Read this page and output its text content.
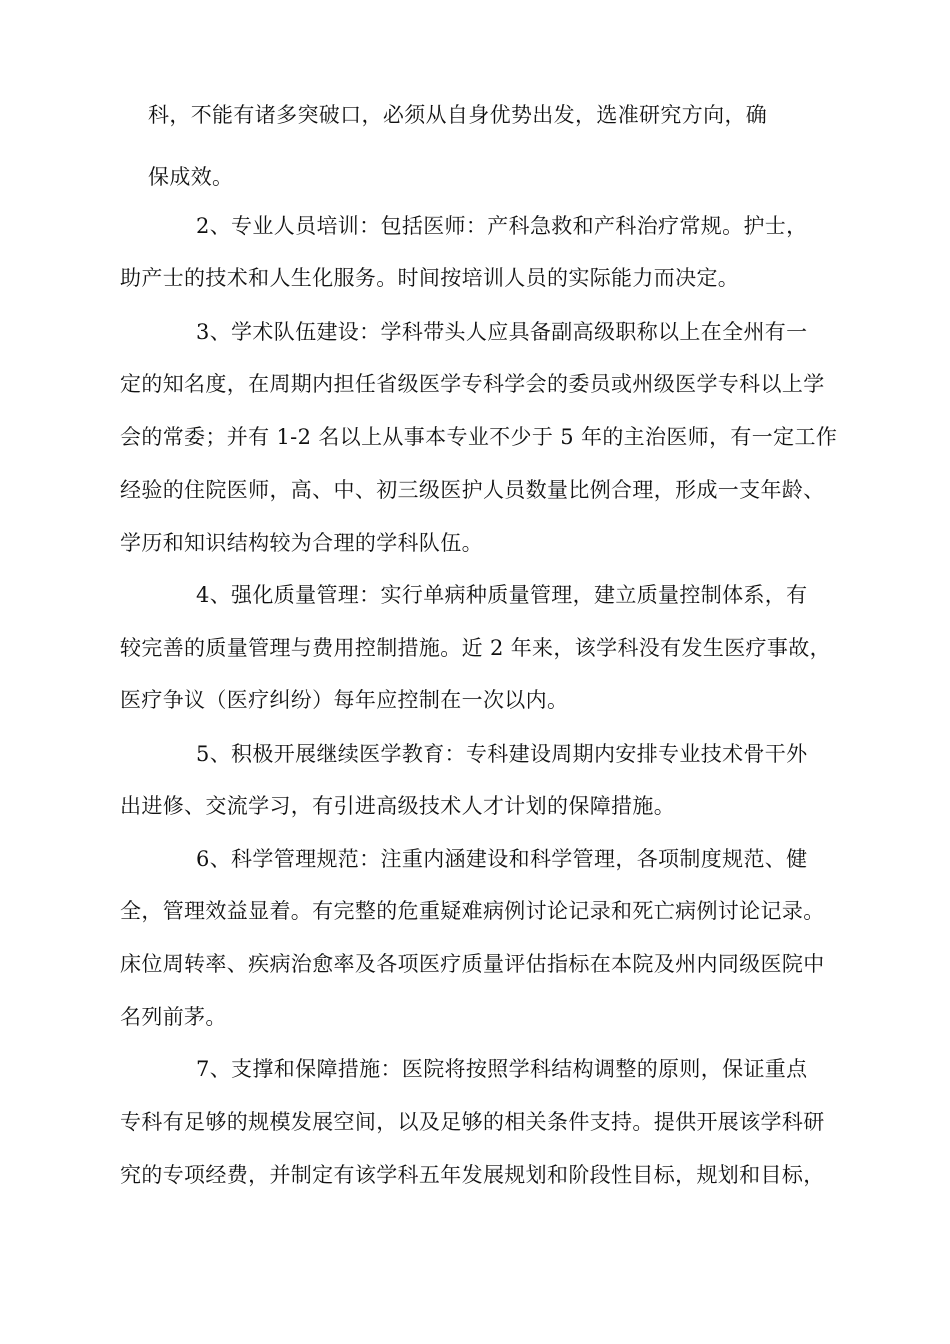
科，不能有诸多突破口，必须从自身优势出发，选准研究方向，确
保成效。
2、专业人员培训：包括医师：产科急救和产科治疗常规。护士，
助产士的技术和人生化服务。时间按培训人员的实际能力而决定。
3、学术队伍建设：学科带头人应具备副高级职称以上在全州有一
定的知名度，在周期内担任省级医学专科学会的委员或州级医学专科以上学
会的常委；并有 1-2 名以上从事本专业不少于 5 年的主治医师，有一定工作
经验的住院医师，高、中、初三级医护人员数量比例合理，形成一支年龄、
学历和知识结构较为合理的学科队伍。
4、强化质量管理：实行单病种质量管理，建立质量控制体系，有
较完善的质量管理与费用控制措施。近 2 年来，该学科没有发生医疗事故，
医疗争议（医疗纠纷）每年应控制在一次以内。
5、积极开展继续医学教育：专科建设周期内安排专业技术骨干外
出进修、交流学习，有引进高级技术人才计划的保障措施。
6、科学管理规范：注重内涵建设和科学管理，各项制度规范、健
全，管理效益显着。有完整的危重疑难病例讨论记录和死亡病例讨论记录。
床位周转率、疾病治愈率及各项医疗质量评估指标在本院及州内同级医院中
名列前茅。
7、支撑和保障措施：医院将按照学科结构调整的原则，保证重点
专科有足够的规模发展空间，以及足够的相关条件支持。提供开展该学科研
究的专项经费，并制定有该学科五年发展规划和阶段性目标，规划和目标，
